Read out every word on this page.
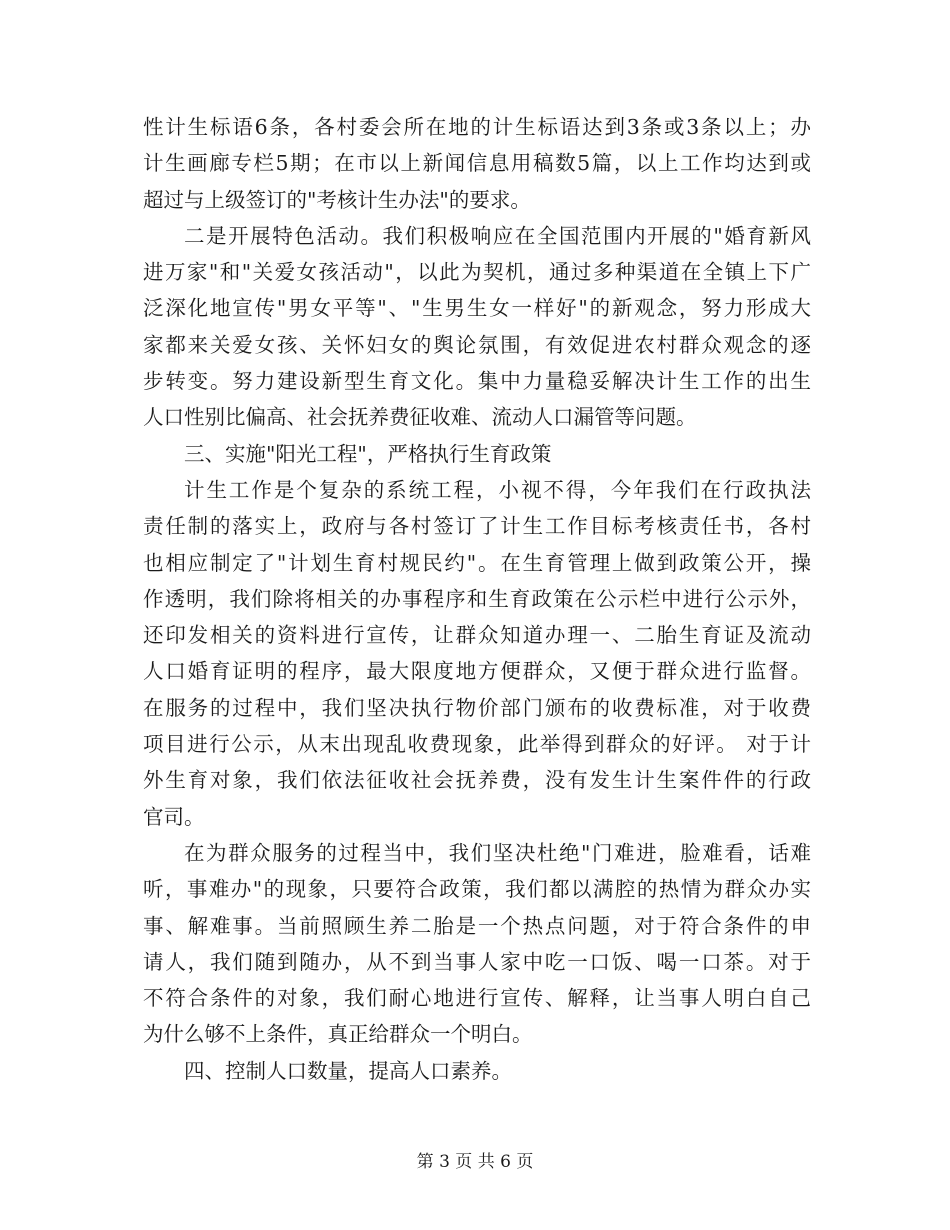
性计生标语6条，各村委会所在地的计生标语达到3条或3条以上；办
计生画廊专栏5期；在市以上新闻信息用稿数5篇，以上工作均达到或
超过与上级签订的"考核计生办法"的要求。
二是开展特色活动。我们积极响应在全国范围内开展的"婚育新风
进万家"和"关爱女孩活动"，以此为契机，通过多种渠道在全镇上下广
泛深化地宣传"男女平等"、"生男生女一样好"的新观念，努力形成大
家都来关爱女孩、关怀妇女的舆论氛围，有效促进农村群众观念的逐
步转变。努力建设新型生育文化。集中力量稳妥解决计生工作的出生
人口性别比偏高、社会抚养费征收难、流动人口漏管等问题。
三、实施"阳光工程"，严格执行生育政策
计生工作是个复杂的系统工程，小视不得，今年我们在行政执法
责任制的落实上，政府与各村签订了计生工作目标考核责任书，各村
也相应制定了"计划生育村规民约"。在生育管理上做到政策公开，操
作透明，我们除将相关的办事程序和生育政策在公示栏中进行公示外，
还印发相关的资料进行宣传，让群众知道办理一、二胎生育证及流动
人口婚育证明的程序，最大限度地方便群众，又便于群众进行监督。
在服务的过程中，我们坚决执行物价部门颁布的收费标准，对于收费
项目进行公示，从末出现乱收费现象，此举得到群众的好评。 对于计
外生育对象，我们依法征收社会抚养费，没有发生计生案件件的行政
官司。
在为群众服务的过程当中，我们坚决杜绝"门难进，脸难看，话难
听，事难办"的现象，只要符合政策，我们都以满腔的热情为群众办实
事、解难事。当前照顾生养二胎是一个热点问题，对于符合条件的申
请人，我们随到随办，从不到当事人家中吃一口饭、喝一口茶。对于
不符合条件的对象，我们耐心地进行宣传、解释，让当事人明白自己
为什么够不上条件，真正给群众一个明白。
四、控制人口数量，提高人口素养。
第 3 页 共 6 页
